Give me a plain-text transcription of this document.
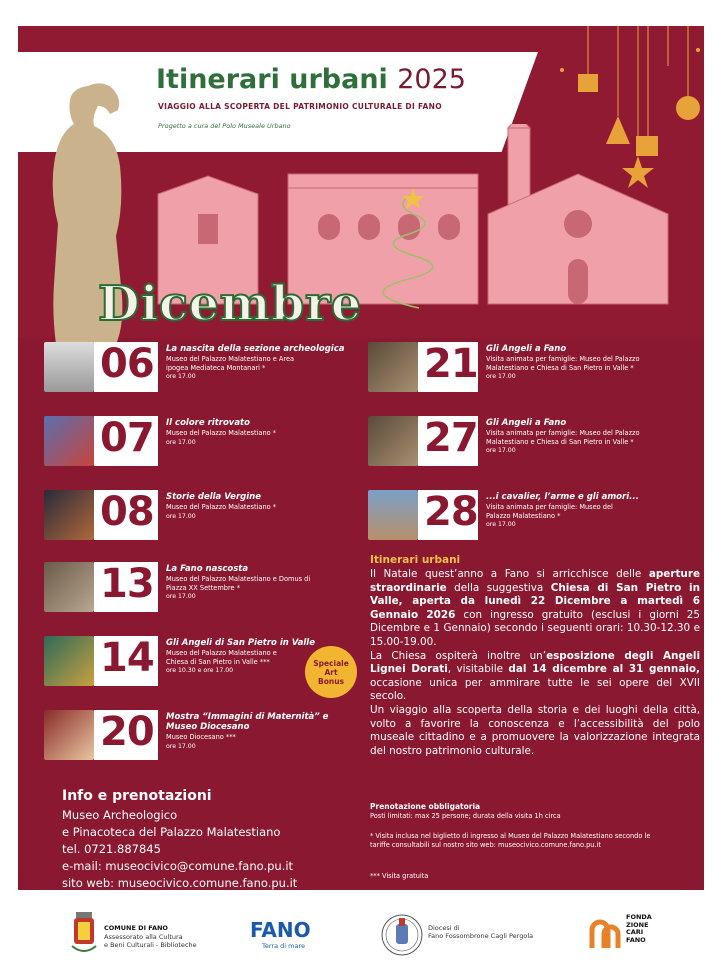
Itinerari urbani 2025
VIAGGIO ALLA SCOPERTA DEL PATRIMONIO CULTURALE DI FANO
Progetto a cura del Polo Museale Urbano
Dicembre
06 La nascita della sezione archeologica
Museo del Palazzo Malatestiano e Area
ipogea Mediateca Montanari *
ore 17.00
07 Il colore ritrovato
Museo del Palazzo Malatestiano *
ore 17.00
08 Storie della Vergine
Museo del Palazzo Malatestiano *
ore 17.00
13 La Fano nascosta
Museo del Palazzo Malatestiano e Domus di
Piazza XX Settembre *
ore 17.00
14 Gli Angeli di San Pietro in Valle
Museo del Palazzo Malatestiano e
Chiesa di San Pietro in Valle ***
ore 10.30 e ore 17.00
20 Mostra “Immagini di Maternità” e
Museo Diocesano
Museo Diocesano ***
ore 17.00
Speciale
Art
Bonus
21 Gli Angeli a Fano
Visita animata per famiglie: Museo del Palazzo
Malatestiano e Chiesa di San Pietro in Valle *
ore 17.00
27 Gli Angeli a Fano
Visita animata per famiglie: Museo del Palazzo
Malatestiano e Chiesa di San Pietro in Valle *
ore 17.00
28 ...i cavalier, l’arme e gli amori...
Visita animata per famiglie: Museo del
Palazzo Malatestiano *
ore 17.00
Itinerari urbani

Il Natale quest’anno a Fano si arricchisce delle aperture straordinarie della suggestiva Chiesa di San Pietro in Valle, aperta da lunedì 22 Dicembre a martedì 6 Gennaio 2026 con ingresso gratuito (esclusi i giorni 25 Dicembre e 1 Gennaio) secondo i seguenti orari: 10.30-12.30 e 15.00-19.00.

La Chiesa ospiterà inoltre un’esposizione degli Angeli Lignei Dorati, visitabile dal 14 dicembre al 31 gennaio, occasione unica per ammirare tutte le sei opere del XVII secolo.

Un viaggio alla scoperta della storia e dei luoghi della città, volto a favorire la conoscenza e l’accessibilità del polo museale cittadino e a promuovere la valorizzazione integrata del nostro patrimonio culturale.

Prenotazione obbligatoria
Posti limitati: max 25 persone; durata della visita 1h circa
* Visita inclusa nel biglietto di ingresso al Museo del Palazzo Malatestiano secondo le tariffe consultabili sul nostro sito web: museocivico.comune.fano.pu.it
*** Visita gratuita
Info e prenotazioni
Museo Archeologico
e Pinacoteca del Palazzo Malatestiano
tel. 0721.887845
e-mail: museocivico@comune.fano.pu.it
sito web: museocivico.comune.fano.pu.it
COMUNE DI FANO
Assessorato alla Cultura
e Beni Culturali - Biblioteche
FANO
Terra di mare
Diocesi di
Fano Fossombrone Cagli Pergola
FONDA
ZIONE
CARI
FANO
